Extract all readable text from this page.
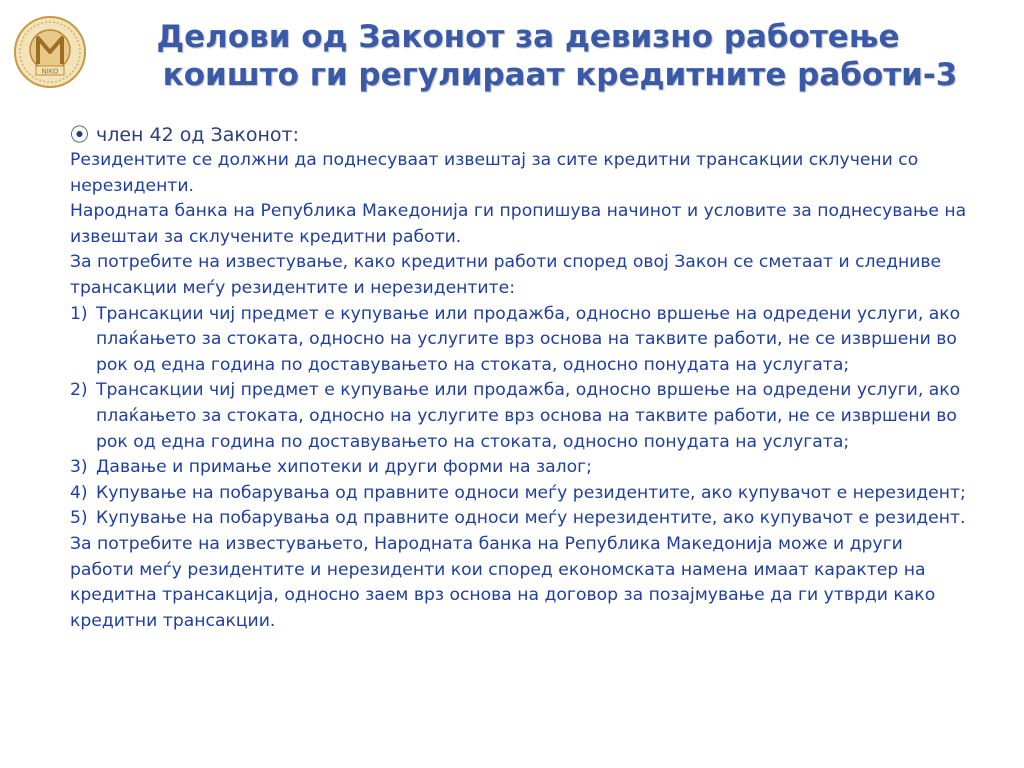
NIKO
Делови од Законот за девизно работење
коишто ги регулираат кредитните работи-3
⦿ член 42 од Законот:

Резидентите се должни да поднесуваат извештај за сите кредитни трансакции склучени со нерезиденти.

Народната банка на Република Македонија ги пропишува начинот и условите за поднесување на извештаи за склучените кредитни работи.

За потребите на известување, како кредитни работи според овој Закон се сметаат и следниве трансакции меѓу резидентите и нерезидентите:

1) Трансакции чиј предмет е купување или продажба, односно вршење на одредени услуги, ако плаќањето за стоката, односно на услугите врз основа на таквите работи, не се извршени во рок од една година по доставувањето на стоката, односно понудата на услугата;
2) Трансакции чиј предмет е купување или продажба, односно вршење на одредени услуги, ако плаќањето за стоката, односно на услугите врз основа на таквите работи, не се извршени во рок од една година по доставувањето на стоката, односно понудата на услугата;
3) Давање и примање хипотеки и други форми на залог;
4) Купување на побарувања од правните односи меѓу резидентите, ако купувачот е нерезидент;
5) Купување на побарувања од правните односи меѓу нерезидентите, ако купувачот е резидент.

За потребите на известувањето, Народната банка на Република Македонија може и други работи меѓу резидентите и нерезиденти кои според економската намена имаат карактер на кредитна трансакција, односно заем врз основа на договор за позајмување да ги утврди како кредитни трансакции.
